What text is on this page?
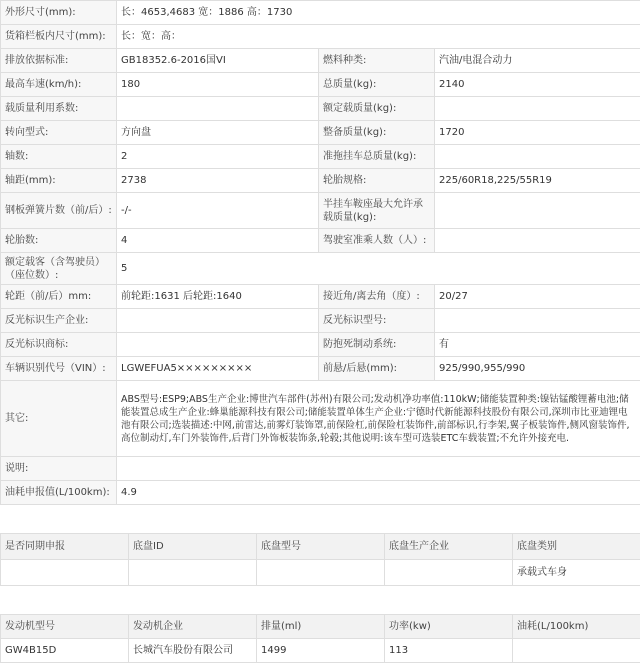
外形尺寸(mm):	长：4653,4683 宽：1886 高：1730		
货箱栏板内尺寸(mm):	长：宽：高：		
排放依据标准:	GB18352.6-2016国VI	燃料种类:	汽油/电混合动力
最高车速(km/h):	180	总质量(kg):	2140
载质量利用系数:		额定载质量(kg):	
转向型式:	方向盘	整备质量(kg):	1720
轴数:	2	准拖挂车总质量(kg):	
轴距(mm):	2738	轮胎规格:	225/60R18,225/55R19
钢板弹簧片数（前/后）:	-/-	半挂车鞍座最大允许承载质量(kg):	
轮胎数:	4	驾驶室准乘人数（人）:	
额定载客（含驾驶员）（座位数）:	5		
轮距（前/后）mm:	前轮距:1631 后轮距:1640	接近角/离去角（度）:	20/27
反光标识生产企业:		反光标识型号:	
反光标识商标:		防抱死制动系统:	有
车辆识别代号（VIN）:	LGWEFUA5×××××××××	前悬/后悬(mm):	925/990,955/990
其它:	ABS型号:ESP9;ABS生产企业:博世汽车部件(苏州)有限公司;发动机净功率值:110kW;储能装置种类:镍钴锰酸锂蓄电池;储能装置总成生产企业:蜂巢能源科技有限公司;储能装置单体生产企业:宁德时代新能源科技股份有限公司,深圳市比亚迪锂电池有限公司;选装描述:中网,前雷达,前雾灯装饰罩,前保险杠,前保险杠装饰件,前部标识,行李架,翼子板装饰件,侧风窗装饰件,高位制动灯,车门外装饰件,后背门外饰板装饰条,轮毂;其他说明:该车型可选装ETC车载装置;不允许外接充电.		
说明:			
油耗申报值(L/100km):	4.9		
是否同期申报	底盘ID	底盘型号	底盘生产企业	底盘类别
				承载式车身
发动机型号	发动机企业	排量(ml)	功率(kw)	油耗(L/100km)
GW4B15D	长城汽车股份有限公司	1499	113	
